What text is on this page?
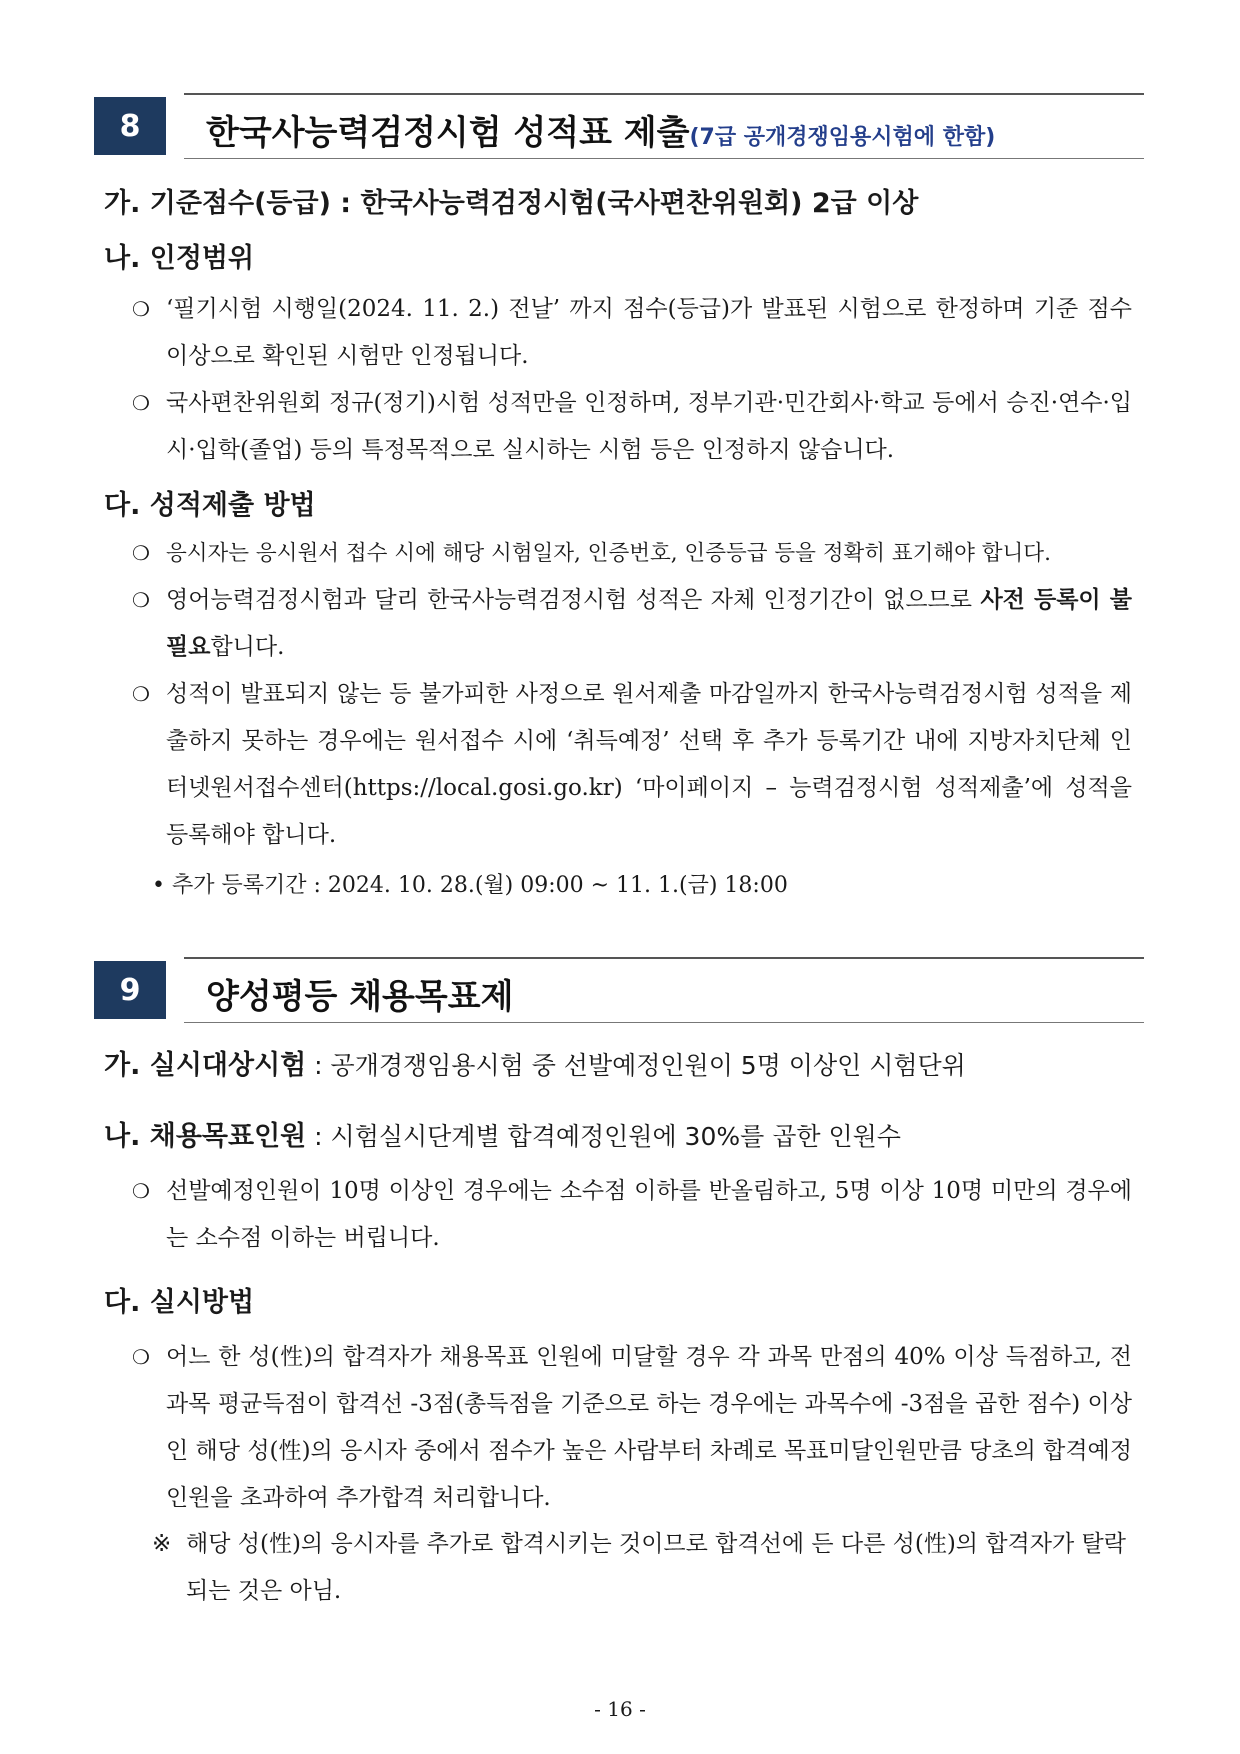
8	한국사능력검정시험 성적표 제출(7급 공개경쟁임용시험에 한함)
가. 기준점수(등급) : 한국사능력검정시험(국사편찬위원회) 2급 이상
나. 인정범위
❍ ‘필기시험 시행일(2024. 11. 2.) 전날’ 까지 점수(등급)가 발표된 시험으로 한정하며 기준 점수 이상으로 확인된 시험만 인정됩니다.
❍ 국사편찬위원회 정규(정기)시험 성적만을 인정하며, 정부기관·민간회사·학교 등에서 승진·연수·입시·입학(졸업) 등의 특정목적으로 실시하는 시험 등은 인정하지 않습니다.
다. 성적제출 방법
❍ 응시자는 응시원서 접수 시에 해당 시험일자, 인증번호, 인증등급 등을 정확히 표기해야 합니다.
❍ 영어능력검정시험과 달리 한국사능력검정시험 성적은 자체 인정기간이 없으므로 사전 등록이 불필요합니다.
❍ 성적이 발표되지 않는 등 불가피한 사정으로 원서제출 마감일까지 한국사능력검정시험 성적을 제출하지 못하는 경우에는 원서접수 시에 ‘취득예정’ 선택 후 추가 등록기간 내에 지방자치단체 인터넷원서접수센터(https://local.gosi.go.kr) ‘마이페이지 – 능력검정시험 성적제출’에 성적을 등록해야 합니다.
• 추가 등록기간 : 2024. 10. 28.(월) 09:00 ~ 11. 1.(금) 18:00
9	양성평등 채용목표제
가. 실시대상시험 : 공개경쟁임용시험 중 선발예정인원이 5명 이상인 시험단위
나. 채용목표인원 : 시험실시단계별 합격예정인원에 30%를 곱한 인원수
❍ 선발예정인원이 10명 이상인 경우에는 소수점 이하를 반올림하고, 5명 이상 10명 미만의 경우에는 소수점 이하는 버립니다.
다. 실시방법
❍ 어느 한 성(性)의 합격자가 채용목표 인원에 미달할 경우 각 과목 만점의 40% 이상 득점하고, 전 과목 평균득점이 합격선 -3점(총득점을 기준으로 하는 경우에는 과목수에 -3점을 곱한 점수) 이상인 해당 성(性)의 응시자 중에서 점수가 높은 사람부터 차례로 목표미달인원만큼 당초의 합격예정인원을 초과하여 추가합격 처리합니다.
※ 해당 성(性)의 응시자를 추가로 합격시키는 것이므로 합격선에 든 다른 성(性)의 합격자가 탈락되는 것은 아님.
- 16 -
